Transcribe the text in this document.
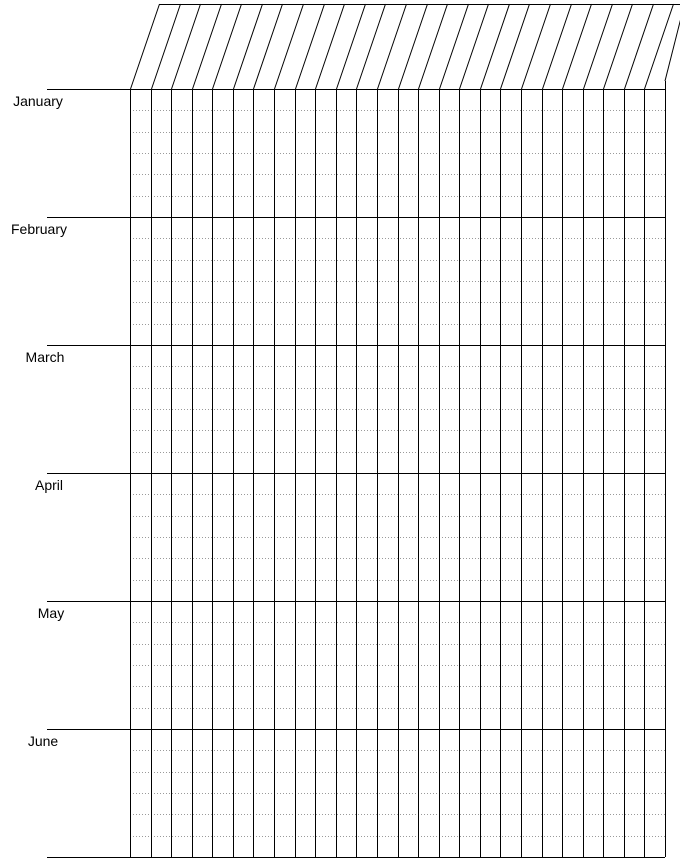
January
February
March
April
May
June
